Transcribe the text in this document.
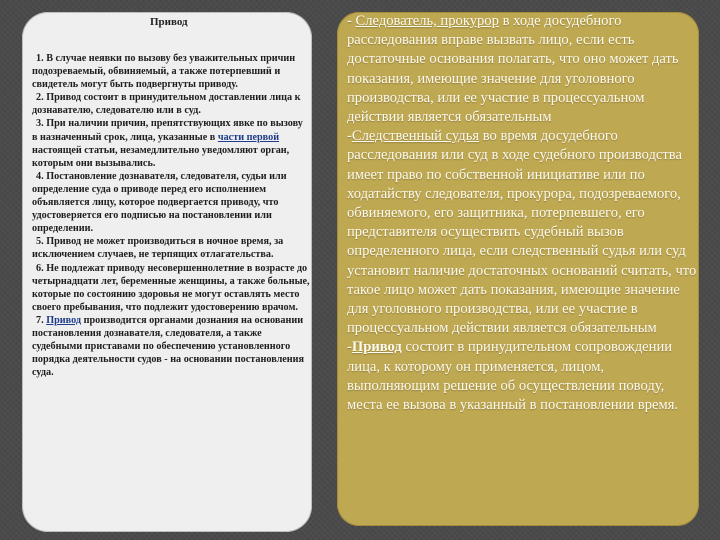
Привод

1. В случае неявки по вызову без уважительных причин подозреваемый, обвиняемый, а также потерпевший и свидетель могут быть подвергнуты приводу.

2. Привод состоит в принудительном доставлении лица к дознавателю, следователю или в суд.

3. При наличии причин, препятствующих явке по вызову в назначенный срок, лица, указанные в части первой настоящей статьи, незамедлительно уведомляют орган, которым они вызывались.

4. Постановление дознавателя, следователя, судьи или определение суда о приводе перед его исполнением объявляется лицу, которое подвергается приводу, что удостоверяется его подписью на постановлении или определении.

5. Привод не может производиться в ночное время, за исключением случаев, не терпящих отлагательства.

6. Не подлежат приводу несовершеннолетние в возрасте до четырнадцати лет, беременные женщины, а также больные, которые по состоянию здоровья не могут оставлять место своего пребывания, что подлежит удостоверению врачом.

7. Привод производится органами дознания на основании постановления дознавателя, следователя, а также судебными приставами по обеспечению установленного порядка деятельности судов - на основании постановления суда.

- Следователь, прокурор в ходе досудебного расследования вправе вызвать лицо, если есть достаточные основания полагать, что оно может дать показания, имеющие значение для уголовного производства, или ее участие в процессуальном действии является обязательным

-Следственный судья во время досудебного расследования или суд в ходе судебного производства имеет право по собственной инициативе или по ходатайству следователя, прокурора, подозреваемого, обвиняемого, его защитника, потерпевшего, его представителя осуществить судебный вызов определенного лица, если следственный судья или суд установит наличие достаточных оснований считать, что такое лицо может дать показания, имеющие значение для уголовного производства, или ее участие в процессуальном действии является обязательным

-Привод состоит в принудительном сопровождении лица, к которому он применяется, лицом, выполняющим решение об осуществлении поводу, места ее вызова в указанный в постановлении время.
